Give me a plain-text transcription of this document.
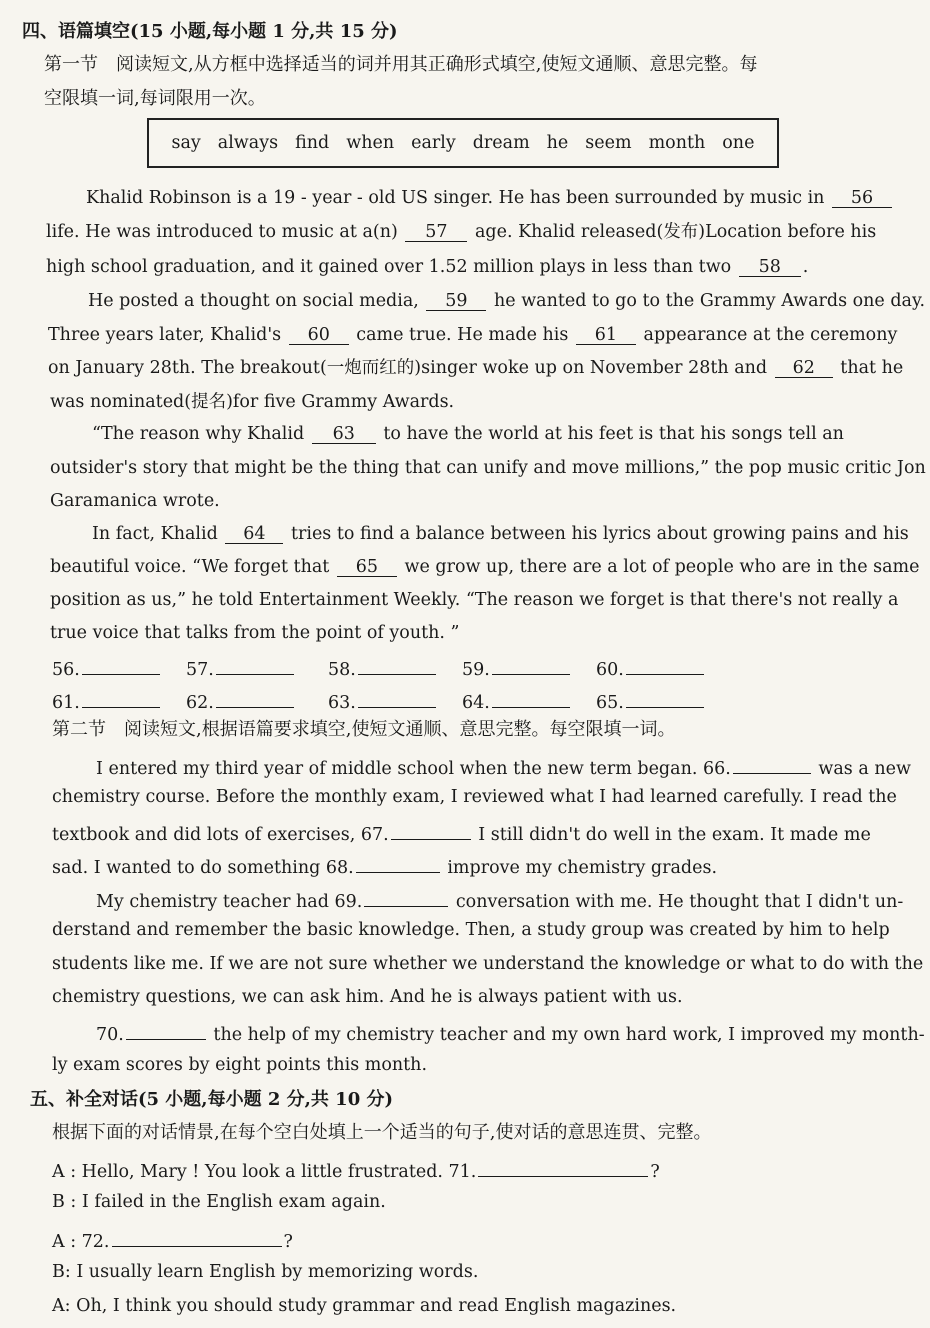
四、语篇填空(15 小题,每小题 1 分,共 15 分)
第一节　阅读短文,从方框中选择适当的词并用其正确形式填空,使短文通顺、意思完整。每
空限填一词,每词限用一次。
say always find when early dream he seem month one
Khalid Robinson is a 19 - year - old US singer. He has been surrounded by music in 56
life. He was introduced to music at a(n) 57 age. Khalid released(发布)Location before his
high school graduation, and it gained over 1.52 million plays in less than two 58 .
He posted a thought on social media, 59 he wanted to go to the Grammy Awards one day.
Three years later, Khalid's 60 came true. He made his 61 appearance at the ceremony
on January 28th. The breakout(一炮而红的)singer woke up on November 28th and 62 that he
was nominated(提名)for five Grammy Awards.
“The reason why Khalid 63 to have the world at his feet is that his songs tell an
outsider's story that might be the thing that can unify and move millions,” the pop music critic Jon
Garamanica wrote.
In fact, Khalid 64 tries to find a balance between his lyrics about growing pains and his
beautiful voice. “We forget that 65 we grow up, there are a lot of people who are in the same
position as us,” he told Entertainment Weekly. “The reason we forget is that there's not really a
true voice that talks from the point of youth. ”
56.	57.	58.	59.	60.
61.	62.	63.	64.	65.
第二节　阅读短文,根据语篇要求填空,使短文通顺、意思完整。每空限填一词。
I entered my third year of middle school when the new term began. 66.	was a new
chemistry course. Before the monthly exam, I reviewed what I had learned carefully. I read the
textbook and did lots of exercises, 67.	I still didn't do well in the exam. It made me
sad. I wanted to do something 68.	improve my chemistry grades.
My chemistry teacher had 69.	conversation with me. He thought that I didn't un-
derstand and remember the basic knowledge. Then, a study group was created by him to help
students like me. If we are not sure whether we understand the knowledge or what to do with the
chemistry questions, we can ask him. And he is always patient with us.
70.	the help of my chemistry teacher and my own hard work, I improved my month-
ly exam scores by eight points this month.
五、补全对话(5 小题,每小题 2 分,共 10 分)
根据下面的对话情景,在每个空白处填上一个适当的句子,使对话的意思连贯、完整。
A : Hello, Mary ! You look a little frustrated. 71.	?
B : I failed in the English exam again.
A : 72.	?
B: I usually learn English by memorizing words.
A: Oh, I think you should study grammar and read English magazines.
